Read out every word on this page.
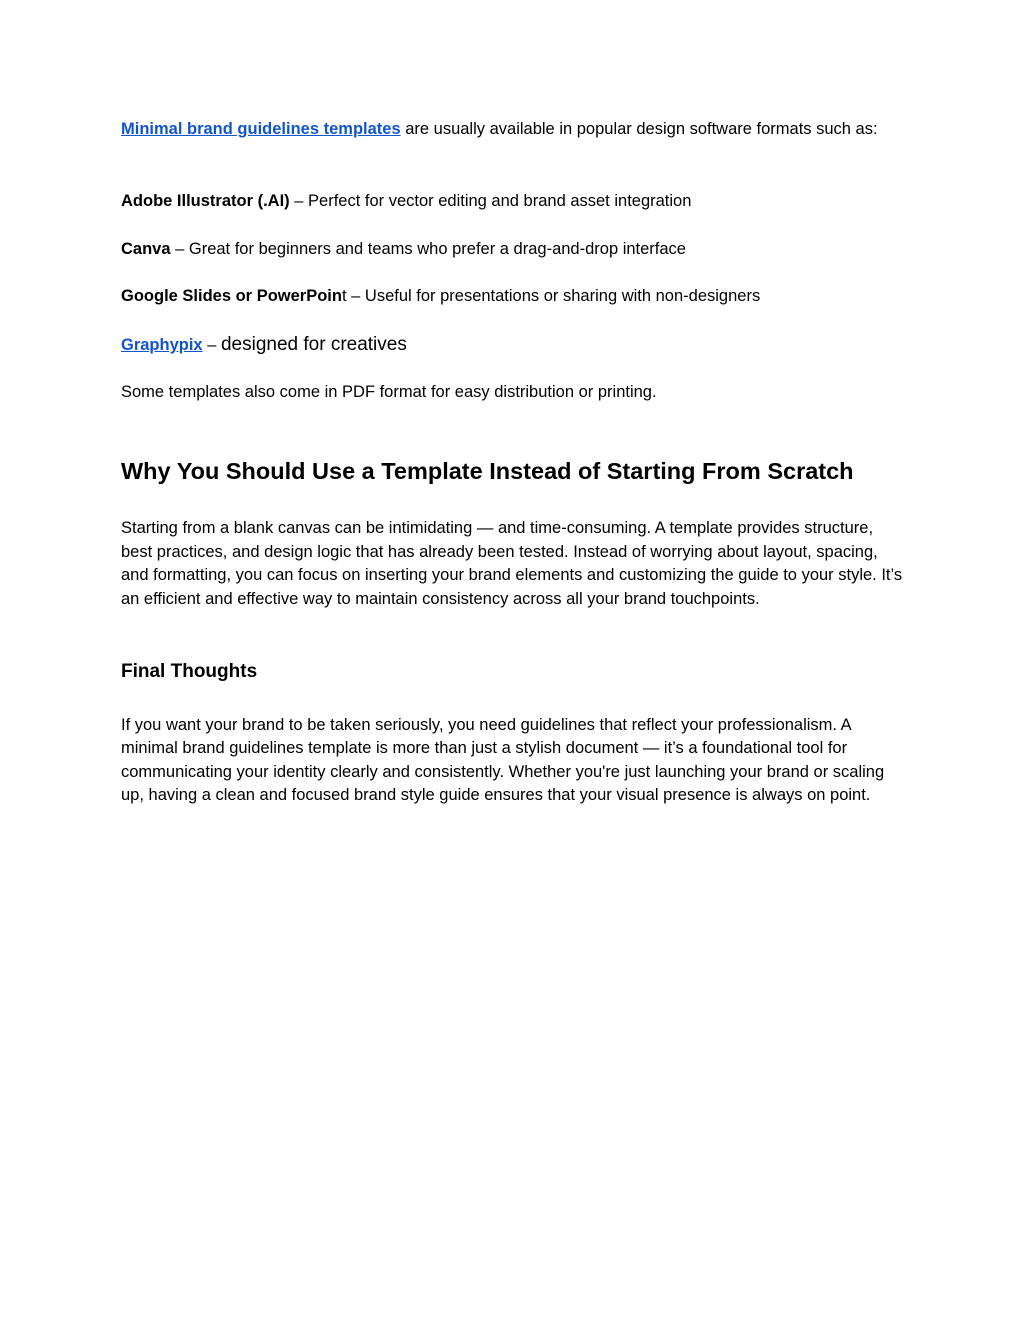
Minimal brand guidelines templates are usually available in popular design software formats such as:

Adobe Illustrator (.AI) – Perfect for vector editing and brand asset integration

Canva – Great for beginners and teams who prefer a drag-and-drop interface

Google Slides or PowerPoint – Useful for presentations or sharing with non-designers

Graphypix – designed for creatives

Some templates also come in PDF format for easy distribution or printing.

Why You Should Use a Template Instead of Starting From Scratch

Starting from a blank canvas can be intimidating — and time-consuming. A template provides structure, best practices, and design logic that has already been tested. Instead of worrying about layout, spacing, and formatting, you can focus on inserting your brand elements and customizing the guide to your style. It’s an efficient and effective way to maintain consistency across all your brand touchpoints.

Final Thoughts

If you want your brand to be taken seriously, you need guidelines that reflect your professionalism. A minimal brand guidelines template is more than just a stylish document — it’s a foundational tool for communicating your identity clearly and consistently. Whether you're just launching your brand or scaling up, having a clean and focused brand style guide ensures that your visual presence is always on point.
